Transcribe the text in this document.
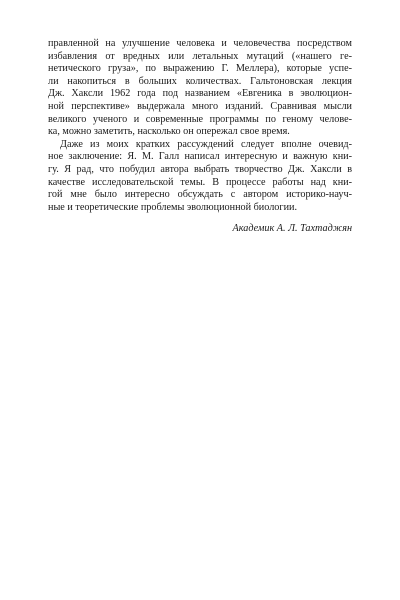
правленной на улучшение человека и человечества посредством
избавления от вредных или летальных мутаций («нашего ге-
нетического груза», по выражению Г. Меллера), которые успе-
ли накопиться в больших количествах. Гальтоновская лекция
Дж. Хаксли 1962 года под названием «Евгеника в эволюцион-
ной перспективе» выдержала много изданий. Сравнивая мысли
великого ученого и современные программы по геному челове-
ка, можно заметить, насколько он опережал свое время.
Даже из моих кратких рассуждений следует вполне очевид-
ное заключение: Я. М. Галл написал интересную и важную кни-
гу. Я рад, что побудил автора выбрать творчество Дж. Хаксли в
качестве исследовательской темы. В процессе работы над кни-
гой мне было интересно обсуждать с автором историко-науч-
ные и теоретические проблемы эволюционной биологии.
Академик А. Л. Тахтаджян
